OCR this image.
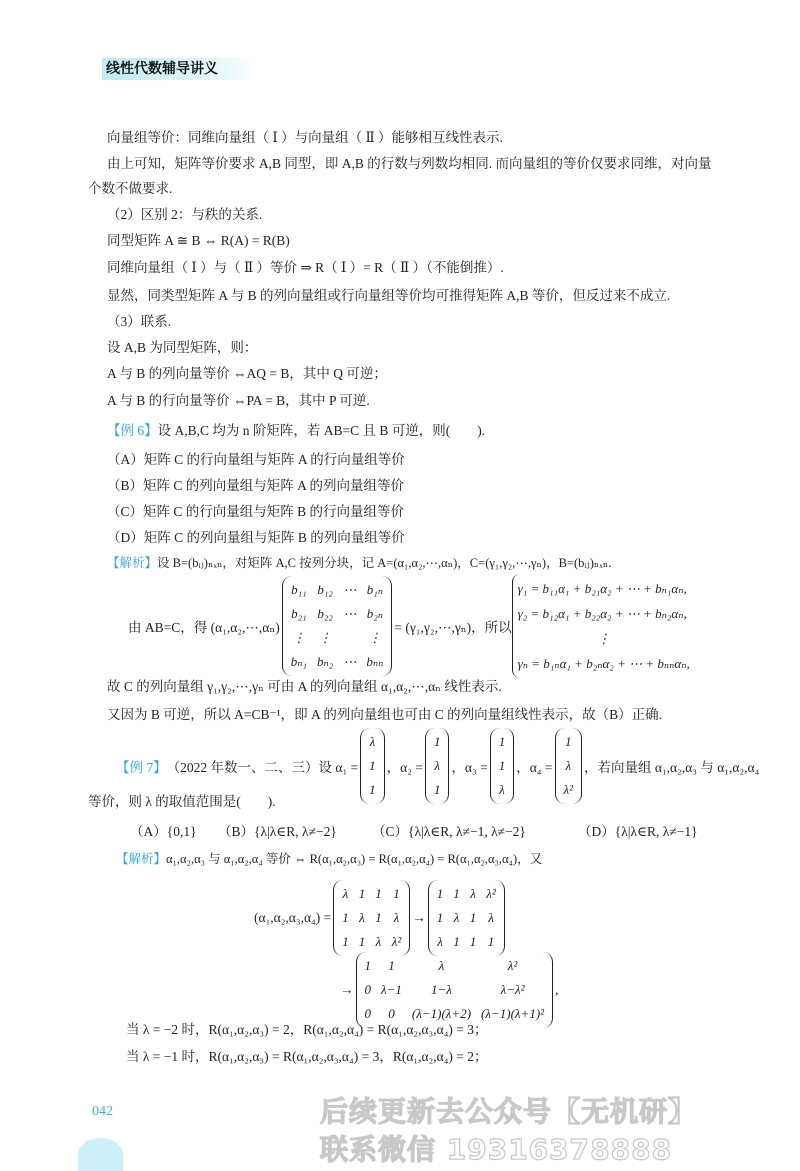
线性代数辅导讲义
向量组等价：同维向量组（ Ⅰ ）与向量组（ Ⅱ ）能够相互线性表示.
由上可知，矩阵等价要求 A,B 同型，即 A,B 的行数与列数均相同. 而向量组的等价仅要求同维，对向量
个数不做要求.
（2）区别 2：与秩的关系.
同型矩阵 A ≅ B ⇔ R(A) = R(B)
同维向量组（ Ⅰ ）与（ Ⅱ ）等价 ⇒ R（ Ⅰ ）= R（ Ⅱ ）（不能倒推）.
显然，同类型矩阵 A 与 B 的列向量组或行向量组等价均可推得矩阵 A,B 等价，但反过来不成立.
（3）联系.
设 A,B 为同型矩阵，则：
A 与 B 的列向量等价 ⇔AQ = B，其中 Q 可逆；
A 与 B 的行向量等价 ⇔PA = B，其中 P 可逆.
【例 6】设 A,B,C 均为 n 阶矩阵，若 AB=C 且 B 可逆，则(　　).
（A）矩阵 C 的行向量组与矩阵 A 的行向量组等价
（B）矩阵 C 的列向量组与矩阵 A 的列向量组等价
（C）矩阵 C 的行向量组与矩阵 B 的行向量组等价
（D）矩阵 C 的列向量组与矩阵 B 的列向量组等价
【解析】设 B=(bᵢⱼ)ₙₓₙ，对矩阵 A,C 按列分块，记 A=(α₁,α₂,⋯,αₙ)，C=(γ₁,γ₂,⋯,γₙ)，B=(bᵢⱼ)ₙₓₙ.
由 AB=C，得 (α₁,α₂,⋯,αₙ)
b₁₁	b₁₂	⋯	b₁ₙ
b₂₁	b₂₂	⋯	b₂ₙ
⋮	⋮		⋮
bₙ₁	bₙ₂	⋯	bₙₙ
= (γ₁,γ₂,⋯,γₙ)，所以
γ₁ = b₁₁α₁ + b₂₁α₂ + ⋯ + bₙ₁αₙ,
γ₂ = b₁₂α₁ + b₂₂α₂ + ⋯ + bₙ₂αₙ,
⋮
γₙ = b₁ₙα₁ + b₂ₙα₂ + ⋯ + bₙₙαₙ,
故 C 的列向量组 γ₁,γ₂,⋯,γₙ 可由 A 的列向量组 α₁,α₂,⋯,αₙ 线性表示.
又因为 B 可逆，所以 A=CB⁻¹，即 A 的列向量组也可由 C 的列向量组线性表示，故（B）正确.
【例 7】 （2022 年数一、二、三）设 α₁ =
λ
1
1
，α₂ =
1
λ
1
，α₃ =
1
1
λ
，α₄ =
1
λ
λ²
，若向量组 α₁,α₂,α₃ 与 α₁,α₂,α₄
等价，则 λ 的取值范围是(　　).
（A）{0,1} （B）{λ|λ∈R, λ≠−2}	（C）{λ|λ∈R, λ≠−1, λ≠−2}	（D）{λ|λ∈R, λ≠−1}
【解析】α₁,α₂,α₃ 与 α₁,α₂,α₄ 等价 ⇔ R(α₁,α₂,α₃) = R(α₁,α₂,α₄) = R(α₁,α₂,α₃,α₄)，又
(α₁,α₂,α₃,α₄) =
λ	1	1	1
1	λ	1	λ
1	1	λ	λ²
→
1	1	λ	λ²
1	λ	1	λ
λ	1	1	1
→
1	1	λ	λ²
0	λ−1	1−λ	λ−λ²
0	0	(λ−1)(λ+2)	(λ−1)(λ+1)²
,
当 λ = −2 时，R(α₁,α₂,α₃) = 2，R(α₁,α₂,α₄) = R(α₁,α₂,α₃,α₄) = 3；
当 λ = −1 时，R(α₁,α₂,α₃) = R(α₁,α₂,α₃,α₄) = 3，R(α₁,α₂,α₄) = 2；
042	后续更新去公众号【无机研】
联系微信 19316378888
